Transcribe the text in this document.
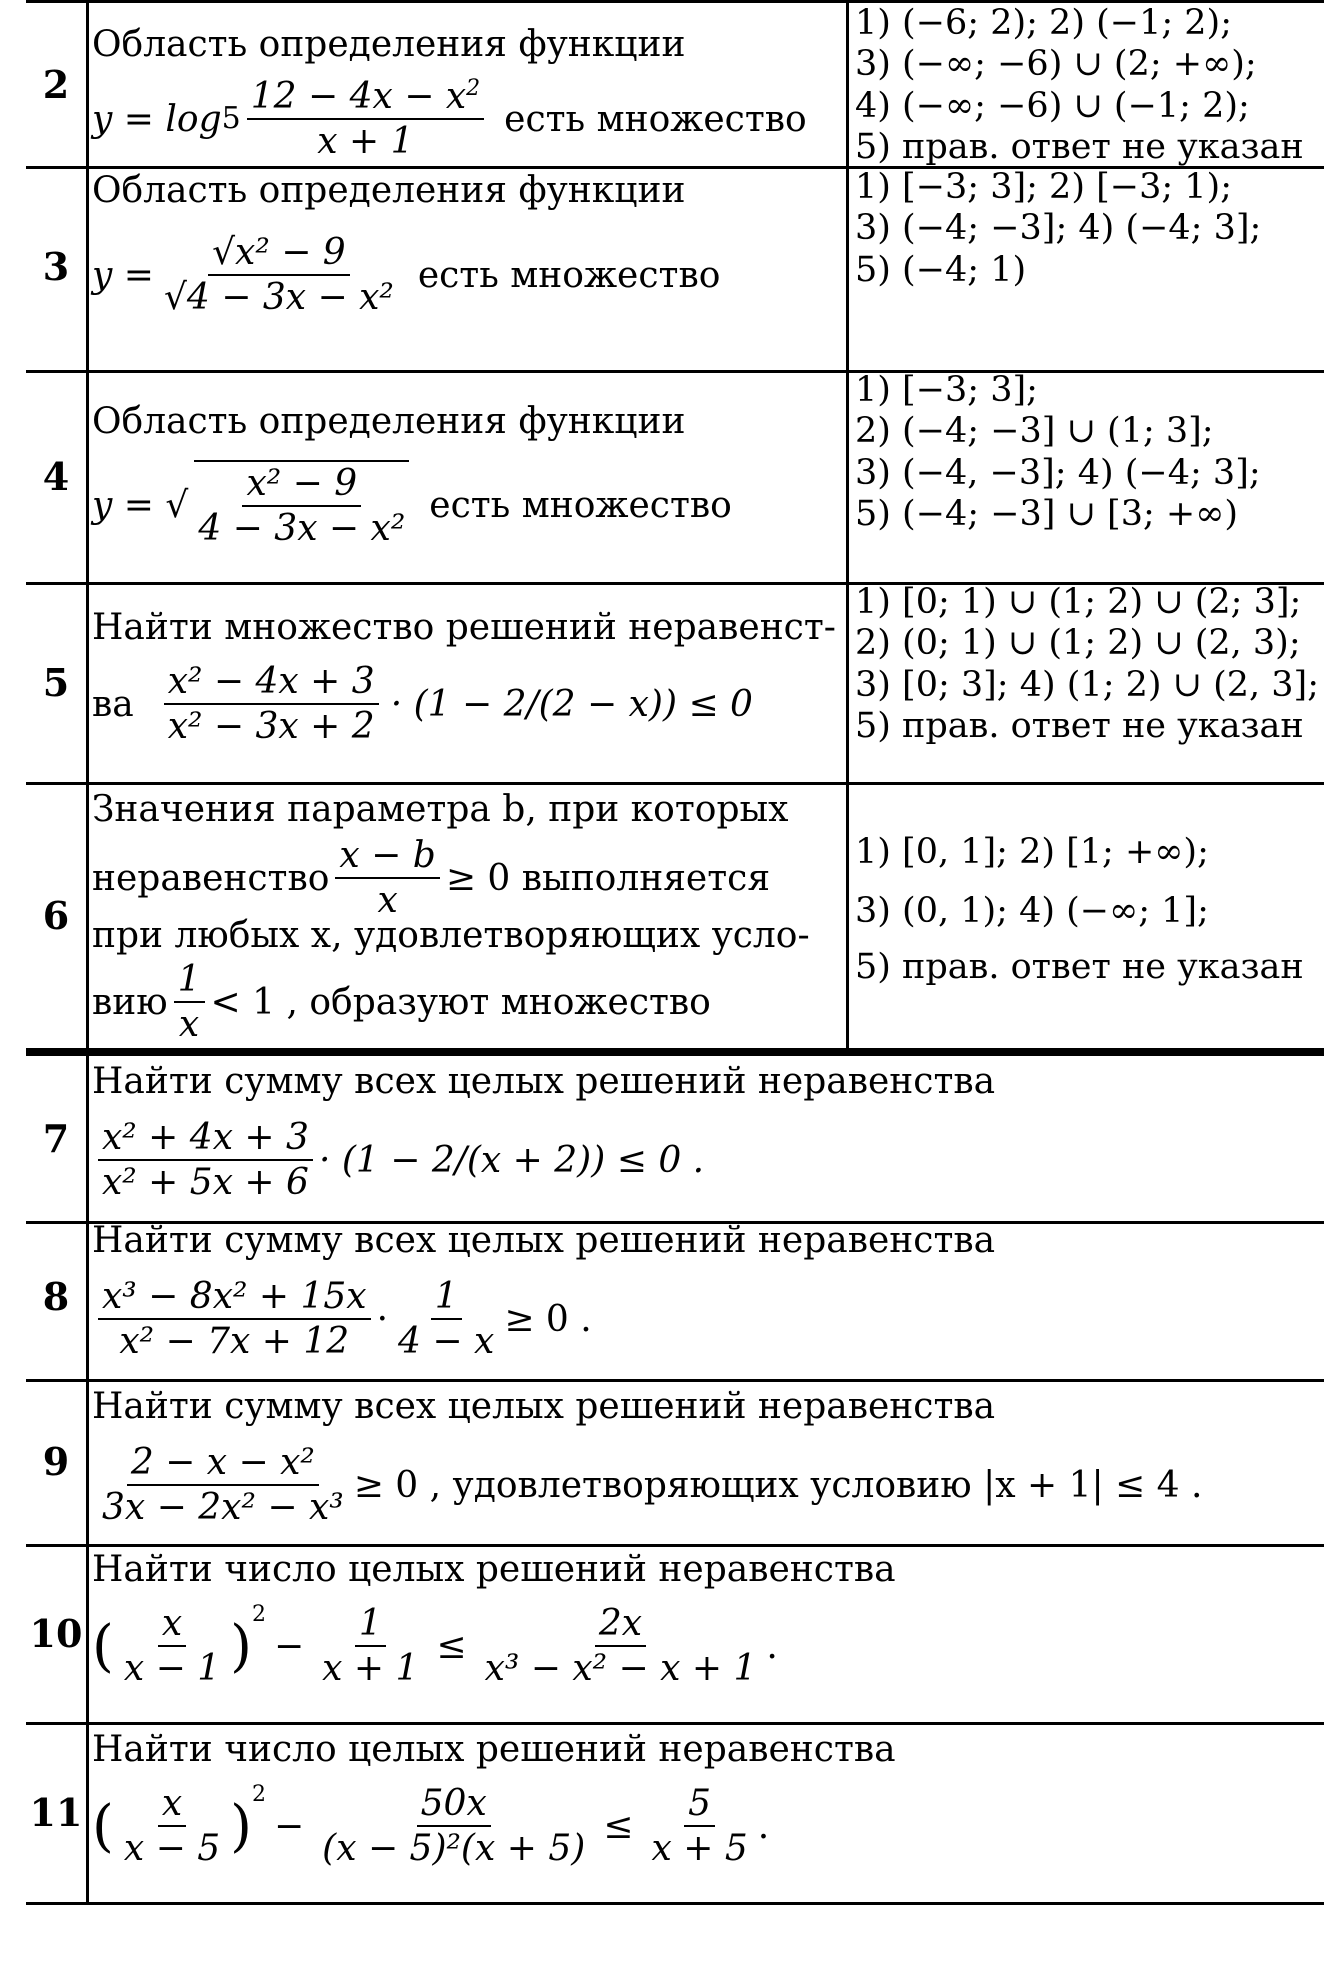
2
Область определения функции
$y = \log 5 \frac{12 - 4x - x^2}{x + 1}$ есть множество
1) (−6; 2); 2) (−1; 2);
3) (−∞; −6) ∪ (2; +∞);
4) (−∞; −6) ∪ (−1; 2);
5) прав. ответ не указан
3
Область определения функции
$y = \frac{\text{√x² − 9}}{\text{√4 − 3x − x²}}$ есть множество
1) [−3; 3]; 2) [−3; 1);
3) (−4; −3]; 4) (−4; 3];
5) (−4; 1)
4
Область определения функции
y = √ $\frac{\text{x² − 9}}{\text{4 − 3x − x²}}$ есть множество
1) [−3; 3];
2) (−4; −3] ∪ (1; 3];
3) (−4, −3]; 4) (−4; 3];
5) (−4; −3] ∪ [3; +∞)
5
Найти множество решений неравенст-
ва $\frac{\text{x² − 4x + 3}}{\text{x² − 3x + 2}} \cdot (1 - 2/(2 - x)) \le 0$
1) [0; 1) ∪ (1; 2) ∪ (2; 3];
2) (0; 1) ∪ (1; 2) ∪ (2, 3);
3) [0; 3]; 4) (1; 2) ∪ (2, 3];
5) прав. ответ не указан
6
Значения параметра b, при которых
неравенство $\frac{x - b}{x} \ge 0$ выполняется
при любых x, удовлетворяющих усло-
вию $\frac{1}{x} < 1$ , образуют множество
1) [0, 1]; 2) [1; +∞);
3) (0, 1); 4) (−∞; 1];
5) прав. ответ не указан
7
Найти сумму всех целых решений неравенства
$\frac{\text{x² + 4x + 3}}{\text{x² + 5x + 6}} \cdot (1 - 2/(x + 2)) \le 0$ .
8
Найти сумму всех целых решений неравенства
$\frac{\text{x³ − 8x² + 15x}}{\text{x² − 7x + 12}} \cdot \frac{1}{4 - x} \ge 0$ .
9
Найти сумму всех целых решений неравенства
$\frac{\text{2 − x − x²}}{\text{3x − 2x² − x³}} \ge 0$ , удовлетворяющих условию |x + 1| ≤ 4 .
10
Найти число целых решений неравенства
( $\frac{x}{x - 1} )^2$
− $\frac{1}{x + 1} \le \frac{2x}{\text{x³ − x² − x + 1}}$ .
11
Найти число целых решений неравенства
( $\frac{x}{x - 5} )^2$
− $\frac{50x}{\text{(x − 5)²(x + 5)}} \le \frac{5}{x + 5}$ .
